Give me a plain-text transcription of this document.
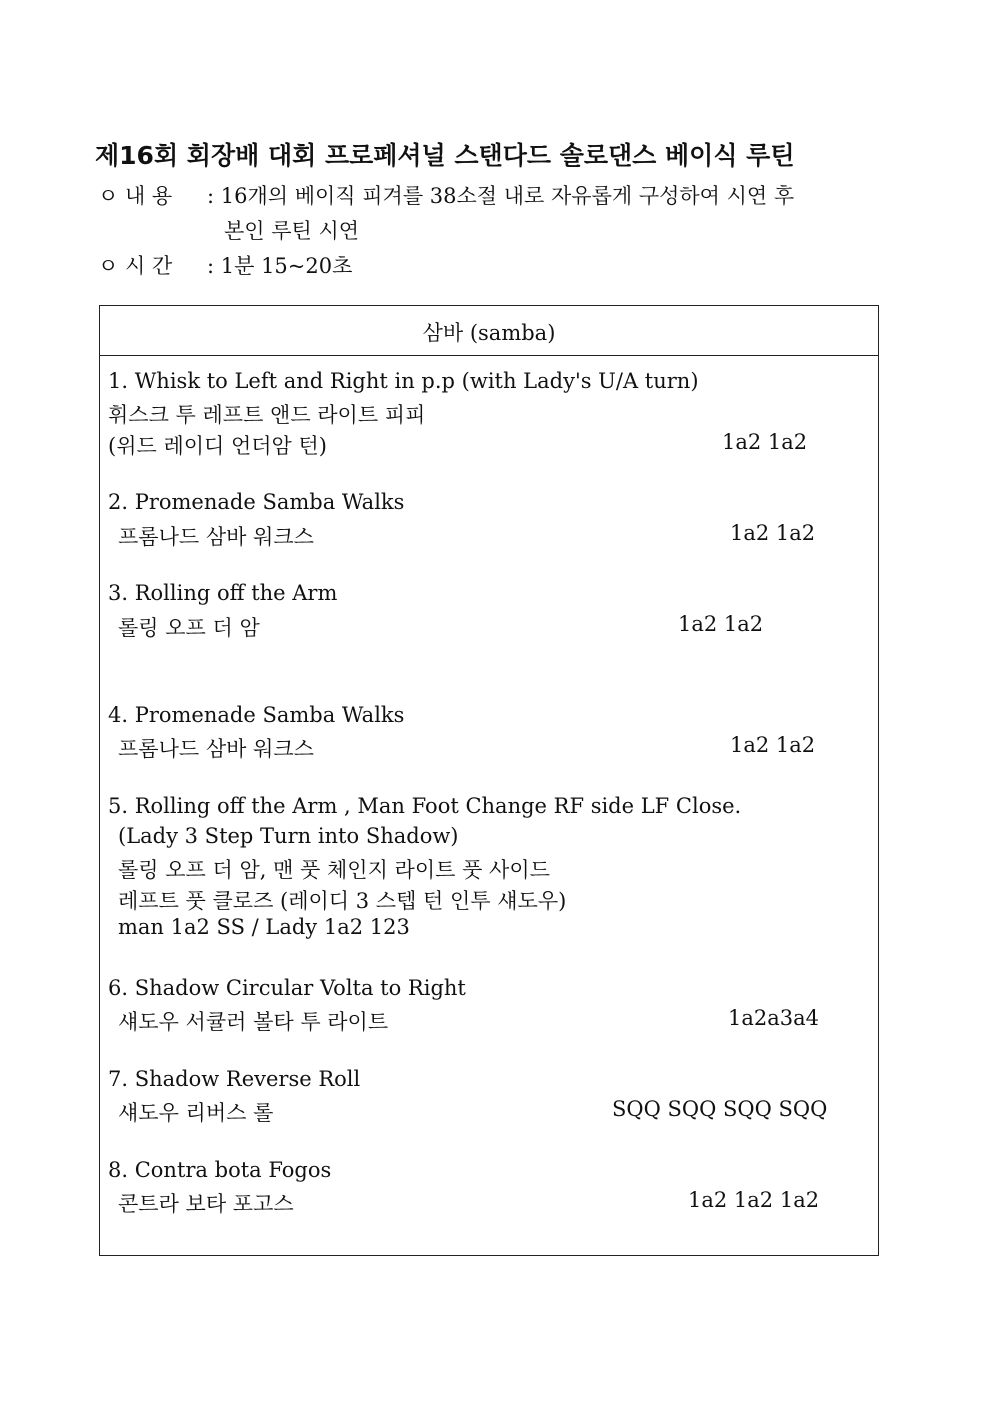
제16회 회장배 대회 프로페셔널 스탠다드 솔로댄스 베이식 루틴
ㅇ 내 용 : 16개의 베이직 피겨를 38소절 내로 자유롭게 구성하여 시연 후
본인 루틴 시연
ㅇ 시 간 : 1분 15~20초
삼바 (samba)
1. Whisk to Left and Right in p.p (with Lady's U/A turn)
휘스크 투 레프트 앤드 라이트 피피
(위드 레이디 언더암 턴)	1a2 1a2
2. Promenade Samba Walks
프롬나드 삼바 워크스	1a2 1a2
3. Rolling off the Arm
롤링 오프 더 암	1a2 1a2
4. Promenade Samba Walks
프롬나드 삼바 워크스	1a2 1a2
5. Rolling off the Arm , Man Foot Change RF side LF Close.
(Lady 3 Step Turn into Shadow)
롤링 오프 더 암, 맨 풋 체인지 라이트 풋 사이드
레프트 풋 클로즈 (레이디 3 스텝 턴 인투 섀도우)
man 1a2 SS / Lady 1a2 123
6. Shadow Circular Volta to Right
섀도우 서큘러 볼타 투 라이트	1a2a3a4
7. Shadow Reverse Roll
섀도우 리버스 롤	SQQ SQQ SQQ SQQ
8. Contra bota Fogos
콘트라 보타 포고스	1a2 1a2 1a2
